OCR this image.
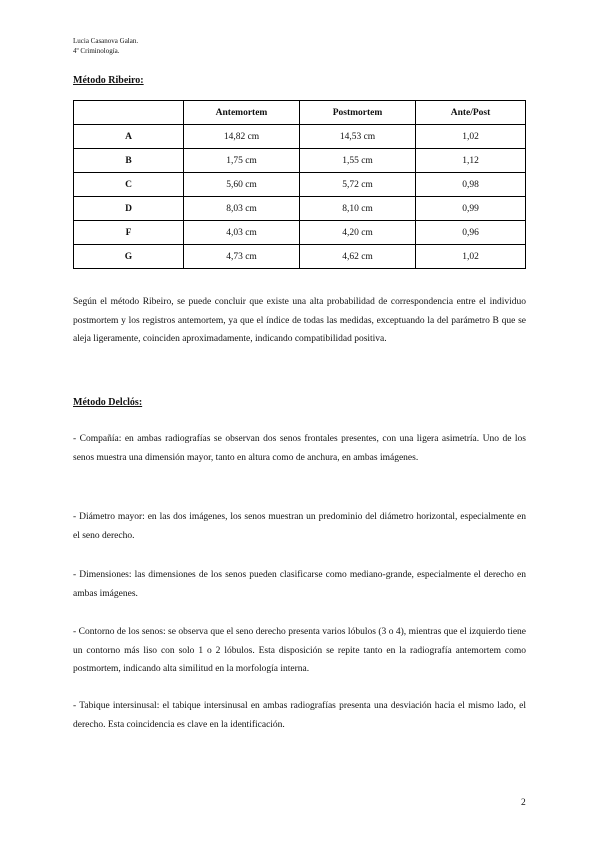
Lucia Casanova Galan.
4º Criminología.
Método Ribeiro:
	Antemortem	Postmortem	Ante/Post
A	14,82 cm	14,53 cm	1,02
B	1,75 cm	1,55 cm	1,12
C	5,60 cm	5,72 cm	0,98
D	8,03 cm	8,10 cm	0,99
F	4,03 cm	4,20 cm	0,96
G	4,73 cm	4,62 cm	1,02
Según el método Ribeiro, se puede concluir que existe una alta probabilidad de correspondencia entre el individuo postmortem y los registros antemortem, ya que el índice de todas las medidas, exceptuando la del parámetro B que se aleja ligeramente, coinciden aproximadamente, indicando compatibilidad positiva.
Método Delclós:
- Compañía: en ambas radiografías se observan dos senos frontales presentes, con una ligera asimetría. Uno de los senos muestra una dimensión mayor, tanto en altura como de anchura, en ambas imágenes.
- Diámetro mayor: en las dos imágenes, los senos muestran un predominio del diámetro horizontal, especialmente en el seno derecho.
- Dimensiones: las dimensiones de los senos pueden clasificarse como mediano-grande, especialmente el derecho en ambas imágenes.
- Contorno de los senos: se observa que el seno derecho presenta varios lóbulos (3 o 4), mientras que el izquierdo tiene un contorno más liso con solo 1 o 2 lóbulos. Esta disposición se repite tanto en la radiografía antemortem como postmortem, indicando alta similitud en la morfología interna.
- Tabique intersinusal: el tabique intersinusal en ambas radiografías presenta una desviación hacia el mismo lado, el derecho. Esta coincidencia es clave en la identificación.
2
